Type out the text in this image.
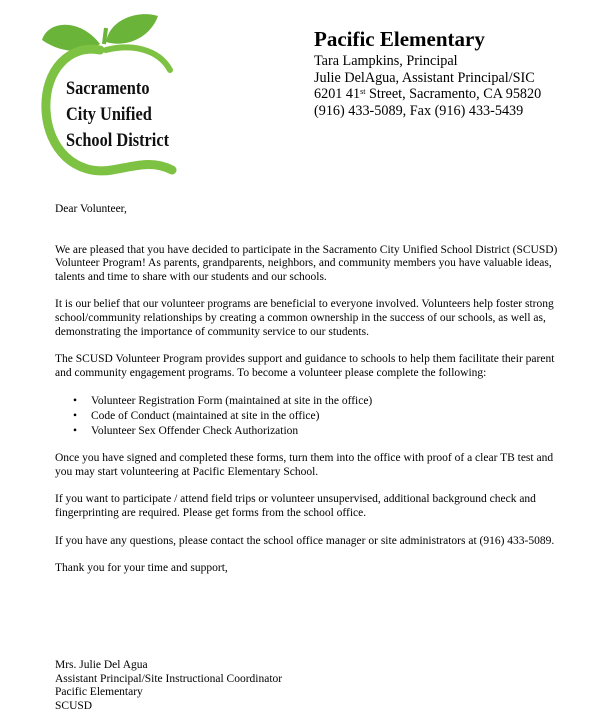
Sacramento
City Unified
School District
Pacific Elementary
Tara Lampkins, Principal
Julie DelAgua, Assistant Principal/SIC
6201 41st Street, Sacramento, CA 95820
(916) 433-5089, Fax (916) 433-5439

Dear Volunteer,

We are pleased that you have decided to participate in the Sacramento City Unified School District (SCUSD) Volunteer Program! As parents, grandparents, neighbors, and community members you have valuable ideas, talents and time to share with our students and our schools.

It is our belief that our volunteer programs are beneficial to everyone involved. Volunteers help foster strong school/community relationships by creating a common ownership in the success of our schools, as well as, demonstrating the importance of community service to our students.

The SCUSD Volunteer Program provides support and guidance to schools to help them facilitate their parent and community engagement programs. To become a volunteer please complete the following:

• Volunteer Registration Form (maintained at site in the office)
• Code of Conduct (maintained at site in the office)
• Volunteer Sex Offender Check Authorization

Once you have signed and completed these forms, turn them into the office with proof of a clear TB test and you may start volunteering at Pacific Elementary School.

If you want to participate / attend field trips or volunteer unsupervised, additional background check and fingerprinting are required. Please get forms from the school office.

If you have any questions, please contact the school office manager or site administrators at (916) 433-5089.

Thank you for your time and support,

Mrs. Julie Del Agua
Assistant Principal/Site Instructional Coordinator
Pacific Elementary
SCUSD
